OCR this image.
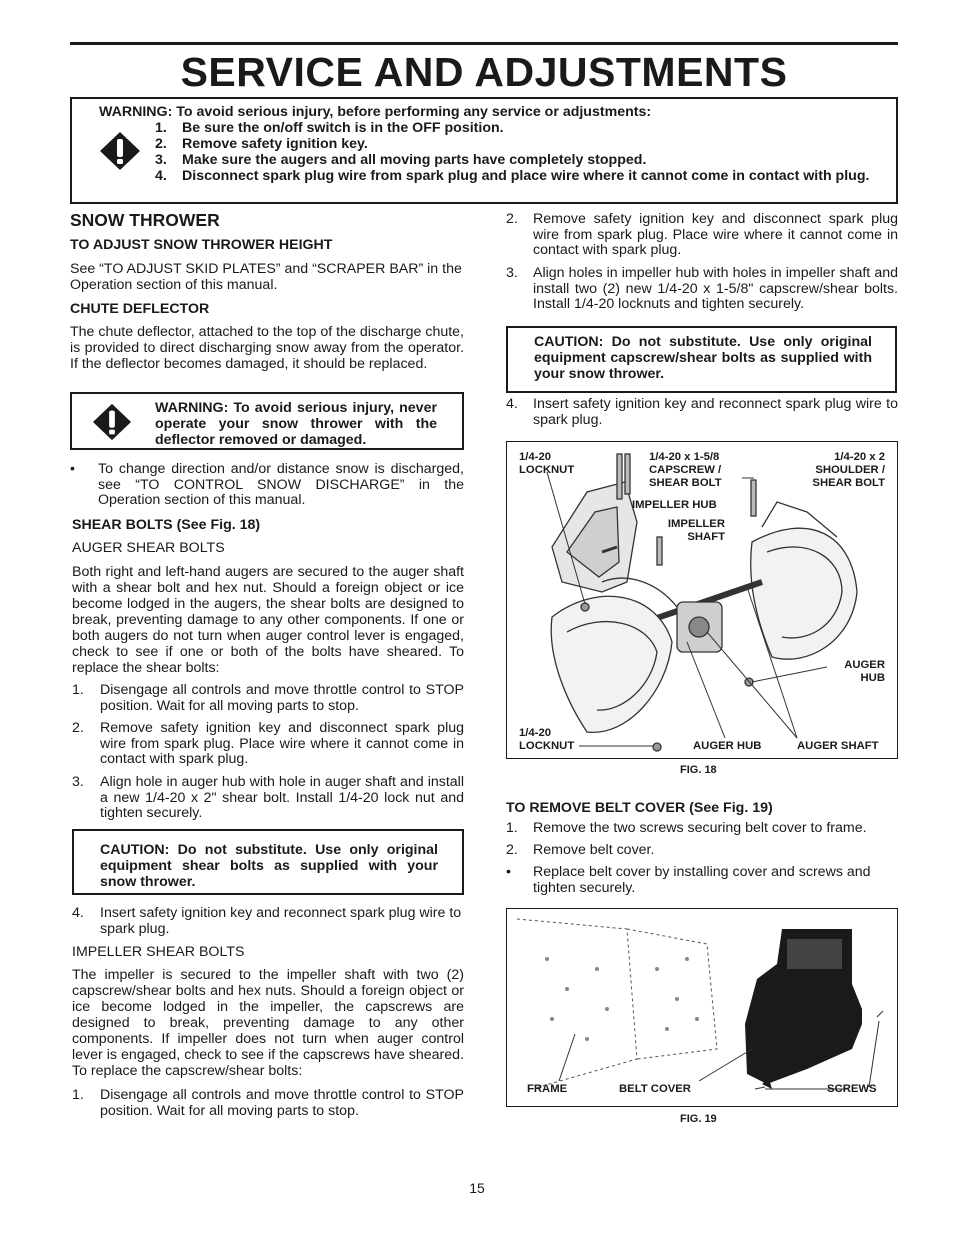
SERVICE AND ADJUSTMENTS
WARNING: To avoid serious injury, before performing any service or adjustments:
1. Be sure the on/off switch is in the OFF position.
2. Remove safety ignition key.
3. Make sure the augers and all moving parts have completely stopped.
4. Disconnect spark plug wire from spark plug and place wire where it cannot come in contact with plug.
SNOW THROWER
TO ADJUST SNOW THROWER HEIGHT
See “TO ADJUST SKID PLATES” and “SCRAPER BAR” in the Operation section of this manual.
CHUTE DEFLECTOR
The chute deflector, attached to the top of the discharge chute, is provided to direct discharging snow away from the operator. If the deflector becomes damaged, it should be replaced.
WARNING: To avoid serious injury, never operate your snow thrower with the deflector removed or damaged.
• To change direction and/or distance snow is discharged, see “TO CONTROL SNOW DISCHARGE” in the Operation section of this manual.
SHEAR BOLTS (See Fig. 18)
AUGER SHEAR BOLTS
Both right and left-hand augers are secured to the auger shaft with a shear bolt and hex nut. Should a foreign object or ice become lodged in the augers, the shear bolts are designed to break, preventing damage to any other components. If one or both augers do not turn when auger control lever is engaged, check to see if one or both of the bolts have sheared. To replace the shear bolts:
1. Disengage all controls and move throttle control to STOP position. Wait for all moving parts to stop.
2. Remove safety ignition key and disconnect spark plug wire from spark plug. Place wire where it cannot come in contact with spark plug.
3. Align hole in auger hub with hole in auger shaft and install a new 1/4-20 x 2" shear bolt. Install 1/4-20 lock nut and tighten securely.
CAUTION: Do not substitute. Use only original equipment shear bolts as supplied with your snow thrower.
4. Insert safety ignition key and reconnect spark plug wire to spark plug.
IMPELLER SHEAR BOLTS
The impeller is secured to the impeller shaft with two (2) capscrew/shear bolts and hex nuts. Should a foreign object or ice become lodged in the impeller, the capscrews are designed to break, preventing damage to any other components. If impeller does not turn when auger control lever is engaged, check to see if the capscrews have sheared. To replace the capscrew/shear bolts:
1. Disengage all controls and move throttle control to STOP position. Wait for all moving parts to stop.
2. Remove safety ignition key and disconnect spark plug wire from spark plug. Place wire where it cannot come in contact with spark plug.
3. Align holes in impeller hub with holes in impeller shaft and install two (2) new 1/4-20 x 1-5/8" capscrew/shear bolts. Install 1/4-20 locknuts and tighten securely.
CAUTION: Do not substitute. Use only original equipment capscrew/shear bolts as supplied with your snow thrower.
4. Insert safety ignition key and reconnect spark plug wire to spark plug.
1/4-20
LOCKNUT
1/4-20 x 1-5/8
CAPSCREW /
SHEAR BOLT
1/4-20 x 2
SHOULDER /
SHEAR BOLT
IMPELLER HUB
IMPELLER
SHAFT
AUGER
HUB
1/4-20
LOCKNUT	AUGER HUB	AUGER SHAFT
FIG. 18
TO REMOVE BELT COVER (See Fig. 19)
1. Remove the two screws securing belt cover to frame.
2. Remove belt cover.
• Replace belt cover by installing cover and screws and tighten securely.
FRAME	BELT COVER	SCREWS
FIG. 19
15
